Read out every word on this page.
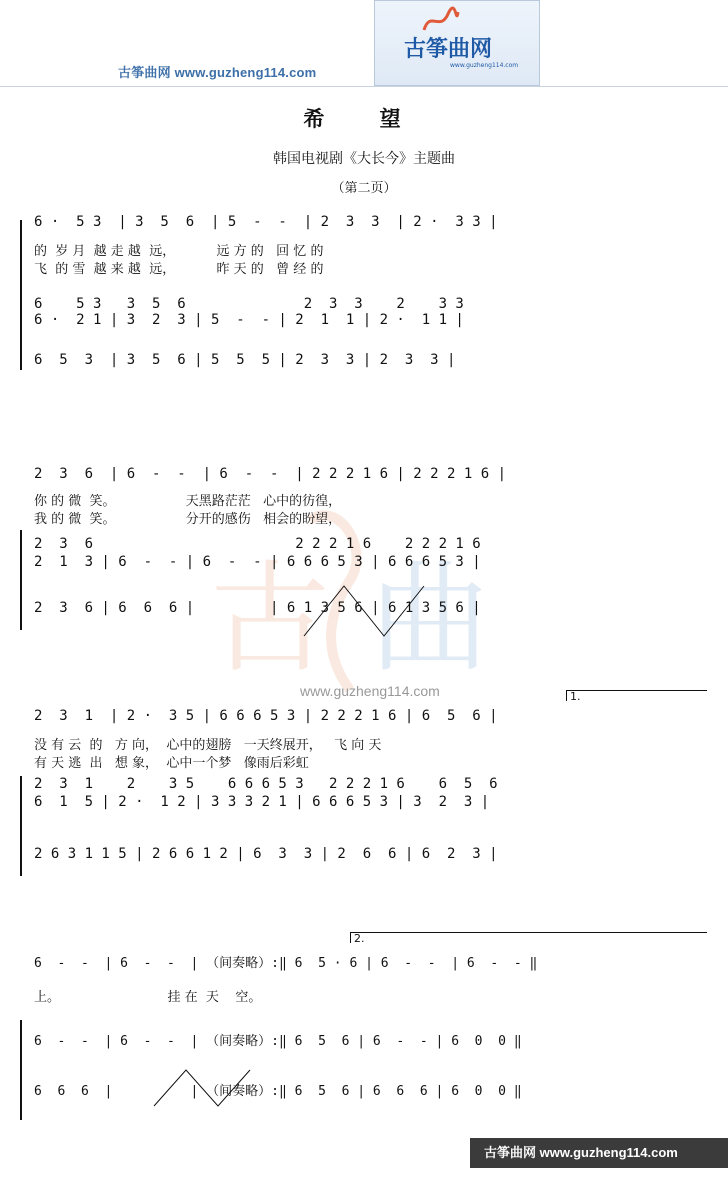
古筝曲网 www.guzheng114.com
古筝曲网
www.guzheng114.com
希 望
韩国电视剧《大长今》主题曲
（第二页）
古 曲
www.guzheng114.com
6 ·  5 3  | 3  5  6  | 5  -  -  | 2  3  3  | 2 ·  3 3 |
的  岁 月  越 走 越  远，          远 方 的   回 忆 的
飞  的 雪  越 来 越  远，          昨 天 的   曾 经 的
6    5 3   3  5  6              2  3  3    2    3 3
6 ·  2 1 | 3  2  3 | 5  -  - | 2  1  1 | 2 ·  1 1 |
6  5  3  | 3  5  6 | 5  5  5 | 2  3  3 | 2  3  3 |
2  3  6  | 6  -  -  | 6  -  -  | 2 2 2 1 6 | 2 2 2 1 6 |
你 的 微  笑。                 天黑路茫茫   心中的彷徨，
我 的 微  笑。                 分开的感伤   相会的盼望，
2  3  6                        2 2 2 1 6    2 2 2 1 6
2  1  3 | 6  -  - | 6  -  - | 6 6 6 5 3 | 6 6 6 5 3 |
2  3  6 | 6  6  6 |         | 6 1 3 5 6 | 6 1 3 5 6 |
1.
2  3  1  | 2 ·  3 5 | 6 6 6 5 3 | 2 2 2 1 6 | 6  5  6 |
没 有 云  的   方 向，  心中的翅膀   一天终展开，   飞 向 天
有 天 逃  出   想 象，  心中一个梦   像雨后彩虹
2  3  1    2    3 5    6 6 6 5 3   2 2 2 1 6    6  5  6
6  1  5 | 2 ·  1 2 | 3 3 3 2 1 | 6 6 6 5 3 | 3  2  3 |
2 6 3 1 1 5 | 2 6 6 1 2 | 6  3  3 | 2  6  6 | 6  2  3 |
2.
6  -  -  | 6  -  -  | （间奏略）:‖ 6  5 · 6 | 6  -  -  | 6  -  - ‖
上。                          挂 在  天    空。
6  -  -  | 6  -  -  | （间奏略）:‖ 6  5  6 | 6  -  - | 6  0  0 ‖
6  6  6  |          | （间奏略）:‖ 6  5  6 | 6  6  6 | 6  0  0 ‖
古筝曲网 www.guzheng114.com
